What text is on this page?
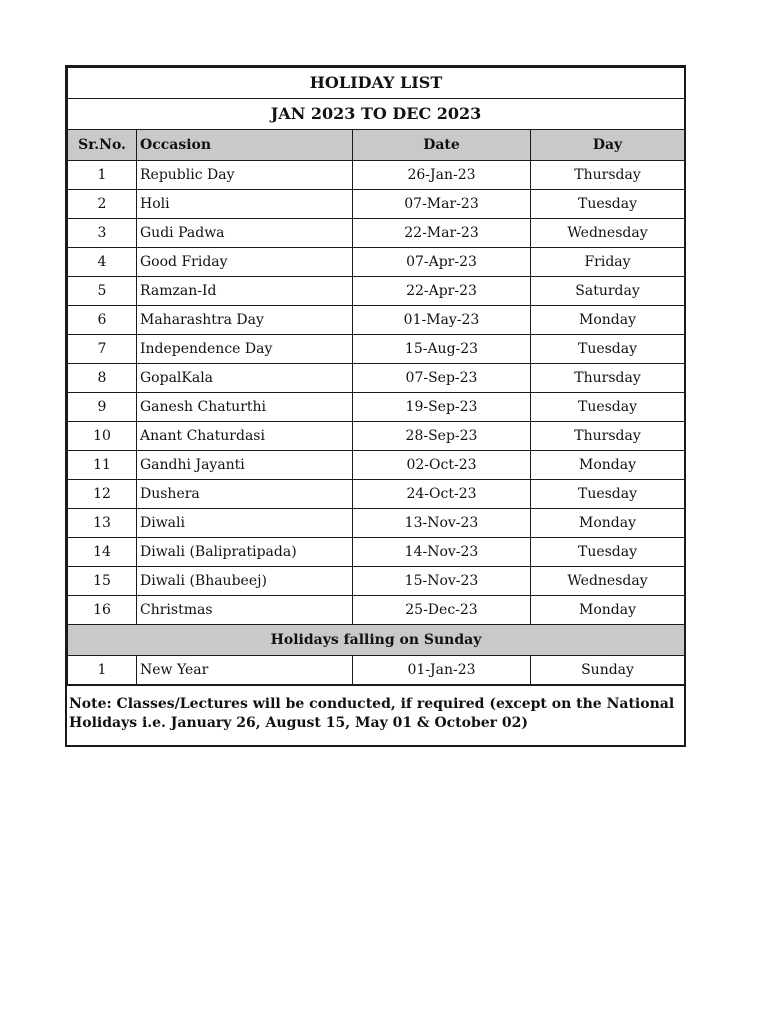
HOLIDAY LIST			
JAN 2023 TO DEC 2023			
Sr.No.	Occasion	Date	Day
1	Republic Day	26-Jan-23	Thursday
2	Holi	07-Mar-23	Tuesday
3	Gudi Padwa	22-Mar-23	Wednesday
4	Good Friday	07-Apr-23	Friday
5	Ramzan-Id	22-Apr-23	Saturday
6	Maharashtra Day	01-May-23	Monday
7	Independence Day	15-Aug-23	Tuesday
8	GopalKala	07-Sep-23	Thursday
9	Ganesh Chaturthi	19-Sep-23	Tuesday
10	Anant Chaturdasi	28-Sep-23	Thursday
11	Gandhi Jayanti	02-Oct-23	Monday
12	Dushera	24-Oct-23	Tuesday
13	Diwali	13-Nov-23	Monday
14	Diwali (Balipratipada)	14-Nov-23	Tuesday
15	Diwali (Bhaubeej)	15-Nov-23	Wednesday
16	Christmas	25-Dec-23	Monday
Holidays falling on Sunday			
1	New Year	01-Jan-23	Sunday
Note: Classes/Lectures will be conducted, if required (except on the National Holidays i.e. January 26, August 15, May 01 & October 02)
